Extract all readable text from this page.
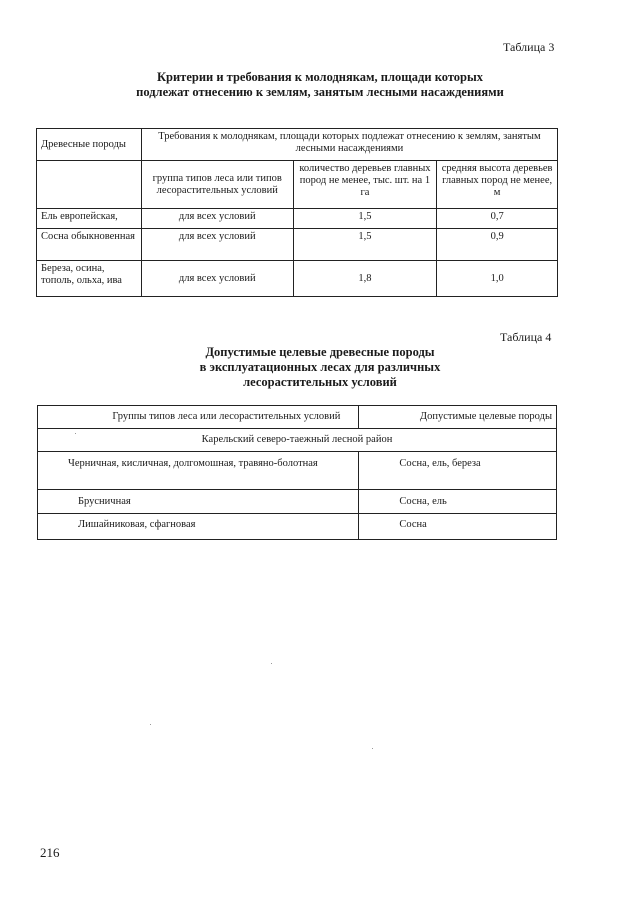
Таблица 3
Критерии и требования к молоднякам, площади которых
подлежат отнесению к землям, занятым лесными насаждениями
Древесные породы	Требования к молоднякам, площади которых подлежат отнесению к землям, занятым лесными насаждениями		
	группа типов леса или типов лесорастительных условий	количество деревьев главных пород не менее, тыс. шт. на 1 га	средняя высота деревьев главных пород не менее, м
Ель европейская,	для всех условий	1,5	0,7
Сосна обыкновенная	для всех условий	1,5	0,9
Береза, осина, тополь, ольха, ива	для всех условий	1,8	1,0
Таблица 4
Допустимые целевые древесные породы
в эксплуатационных лесах для различных
лесорастительных условий
Группы типов леса или лесорастительных условий	Допустимые целевые породы
Карельский северо-таежный лесной район	
Черничная, кисличная, долгомошная, травяно-болотная	Сосна, ель, береза
Брусничная	Сосна, ель
Лишайниковая, сфагновая	Сосна
216
